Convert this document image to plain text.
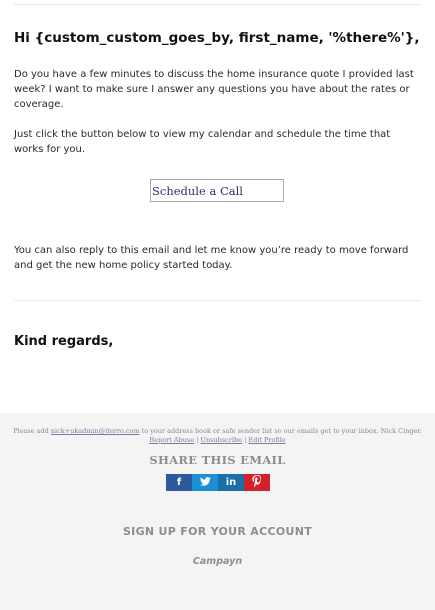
Hi {custom_custom_goes_by, first_name, '%there%'},

Do you have a few minutes to discuss the home insurance quote I provided last week? I want to make sure I answer any questions you have about the rates or coverage.

Just click the button below to view my calendar and schedule the time that works for you.

Schedule a Call

You can also reply to this email and let me know you’re ready to move forward and get the new home policy started today.

Kind regards,
Please add nick+ukadmin@iterro.com to your address book or safe sender list so our emails get to your inbox. Nick Cinger.
Report Abuse | Unsubscribe | Edit Profile
SHARE THIS EMAIL
f	in
SIGN UP FOR YOUR ACCOUNT
Campayn
